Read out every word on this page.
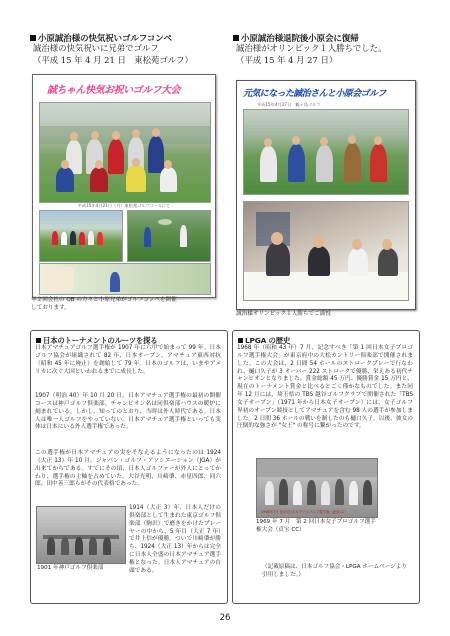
小原誠治様の快気祝いゴルフコンペ
誠治様の快気祝いに兄弟でゴルフ
（平成 15 年 4 月 21 日　東松苑ゴルフ）
誠ちゃん快気お祝いゴルフ大会
平成15年4月21日（月）東松苑ゴルフコースにて
年２回会社の OB の方々と小原兄弟がゴルフコンペを開催
しております。
小原誠治様退院後小原会に復帰
誠治様がオリンピック１人勝ちでした。
（平成 15 年 4 月 27 日）
元気になった誠治さんと小原会ゴルフ
平成15年4月27日　鶴ヶ島ゴルフ
誠治様オリンピック１人勝ちでご満悦
日本のトーナメントのルーツを探る
日本アマチュアゴルフ選手権が 1907 年に六甲で始まって 99 年。日本ゴルフ協会が組織されて 82 年、日本オープン、アマチュア東西対抗（昭和 45 年に廃止）を創始して 79 年。日本のゴルフは、いまやアメリカに次ぐ大国といわれるまでに成長した。
1907（明治 40）年 10 月 20 日、日本アマチュア選手権の最初の開催コースは神戸ゴルフ倶楽部。チャンピオン名は同倶楽部ハウスの暖炉に刻まれている。しかし、知ってのとおり、当時は外人時代である。日本人は唯一人ゴルフをやっていない。日本アマチュア選手権といっても実体は日本にいる外人選手権であった。
この選手権が日本アマチュアの実をそなえるようになったのは 1924（大正 13）年 10 月、ジャパン・ゴルフ・アソシエーション（JGA）が出来てからである。すでにその頃、日本人ゴルファーが外人にとってかわり、選手権の主軸を占めていた。大谷光明、川崎肇、赤星四郎、同六郎、田中善三郎らがその代表格であった。
1901 年神戸ゴルフ倶楽部
1914（大正 3）年、日本人だけの倶楽部として生まれた東京ゴルフ倶楽部（駒沢）で磨きをかけたプレーヤーの中から、5 年目（大正 7 年）で井上信が優勝。ついで川崎肇が勝ち、1924（大正 13）年からは完全に日本人全盛の日本アマチュア選手権となった。日本人アマチュアの台頭である。
LPGA の歴史
1968 年（昭和 43 年）7 月、記念すべき「第 1 回日本女子プロゴルフ選手権大会」が東京府中の大松カントリー倶楽部で開催されました。この大会は、2 日間 54 ホールのストロークプレーで行なわれ、樋口久子が 3 オーバー 222 ストロークで優勝、栄えある初代チャンピオンとなりました。賞金総額 45 万円、優勝賞金 15 万円と、現在のトーナメント賞金と比べるとごく僅かなものでした。また同年 12 月には、埼玉県の TBS 越谷ゴルフクラブで開催された「TBS 女子オープン」（1971 年から日本女子オープン）には、女子ゴルフ界初のオープン競技としてアマチュアを含む 98 人の選手が参加しました。2 日間 36 ホールの戦いを制したのも樋口久子。以後、彼女の圧倒的な強さが "女王" の称号に繋がったのです。
1968年7月 第1回日本女子プロゴルフ選手権（鹿島CC）
1969 年 7 月　第 2 回日本女子プロゴルフ選手権大会（貞宝 CC）
（記載原稿は、日本ゴルフ協会・LPGA ホームページより引用しました。）
26
